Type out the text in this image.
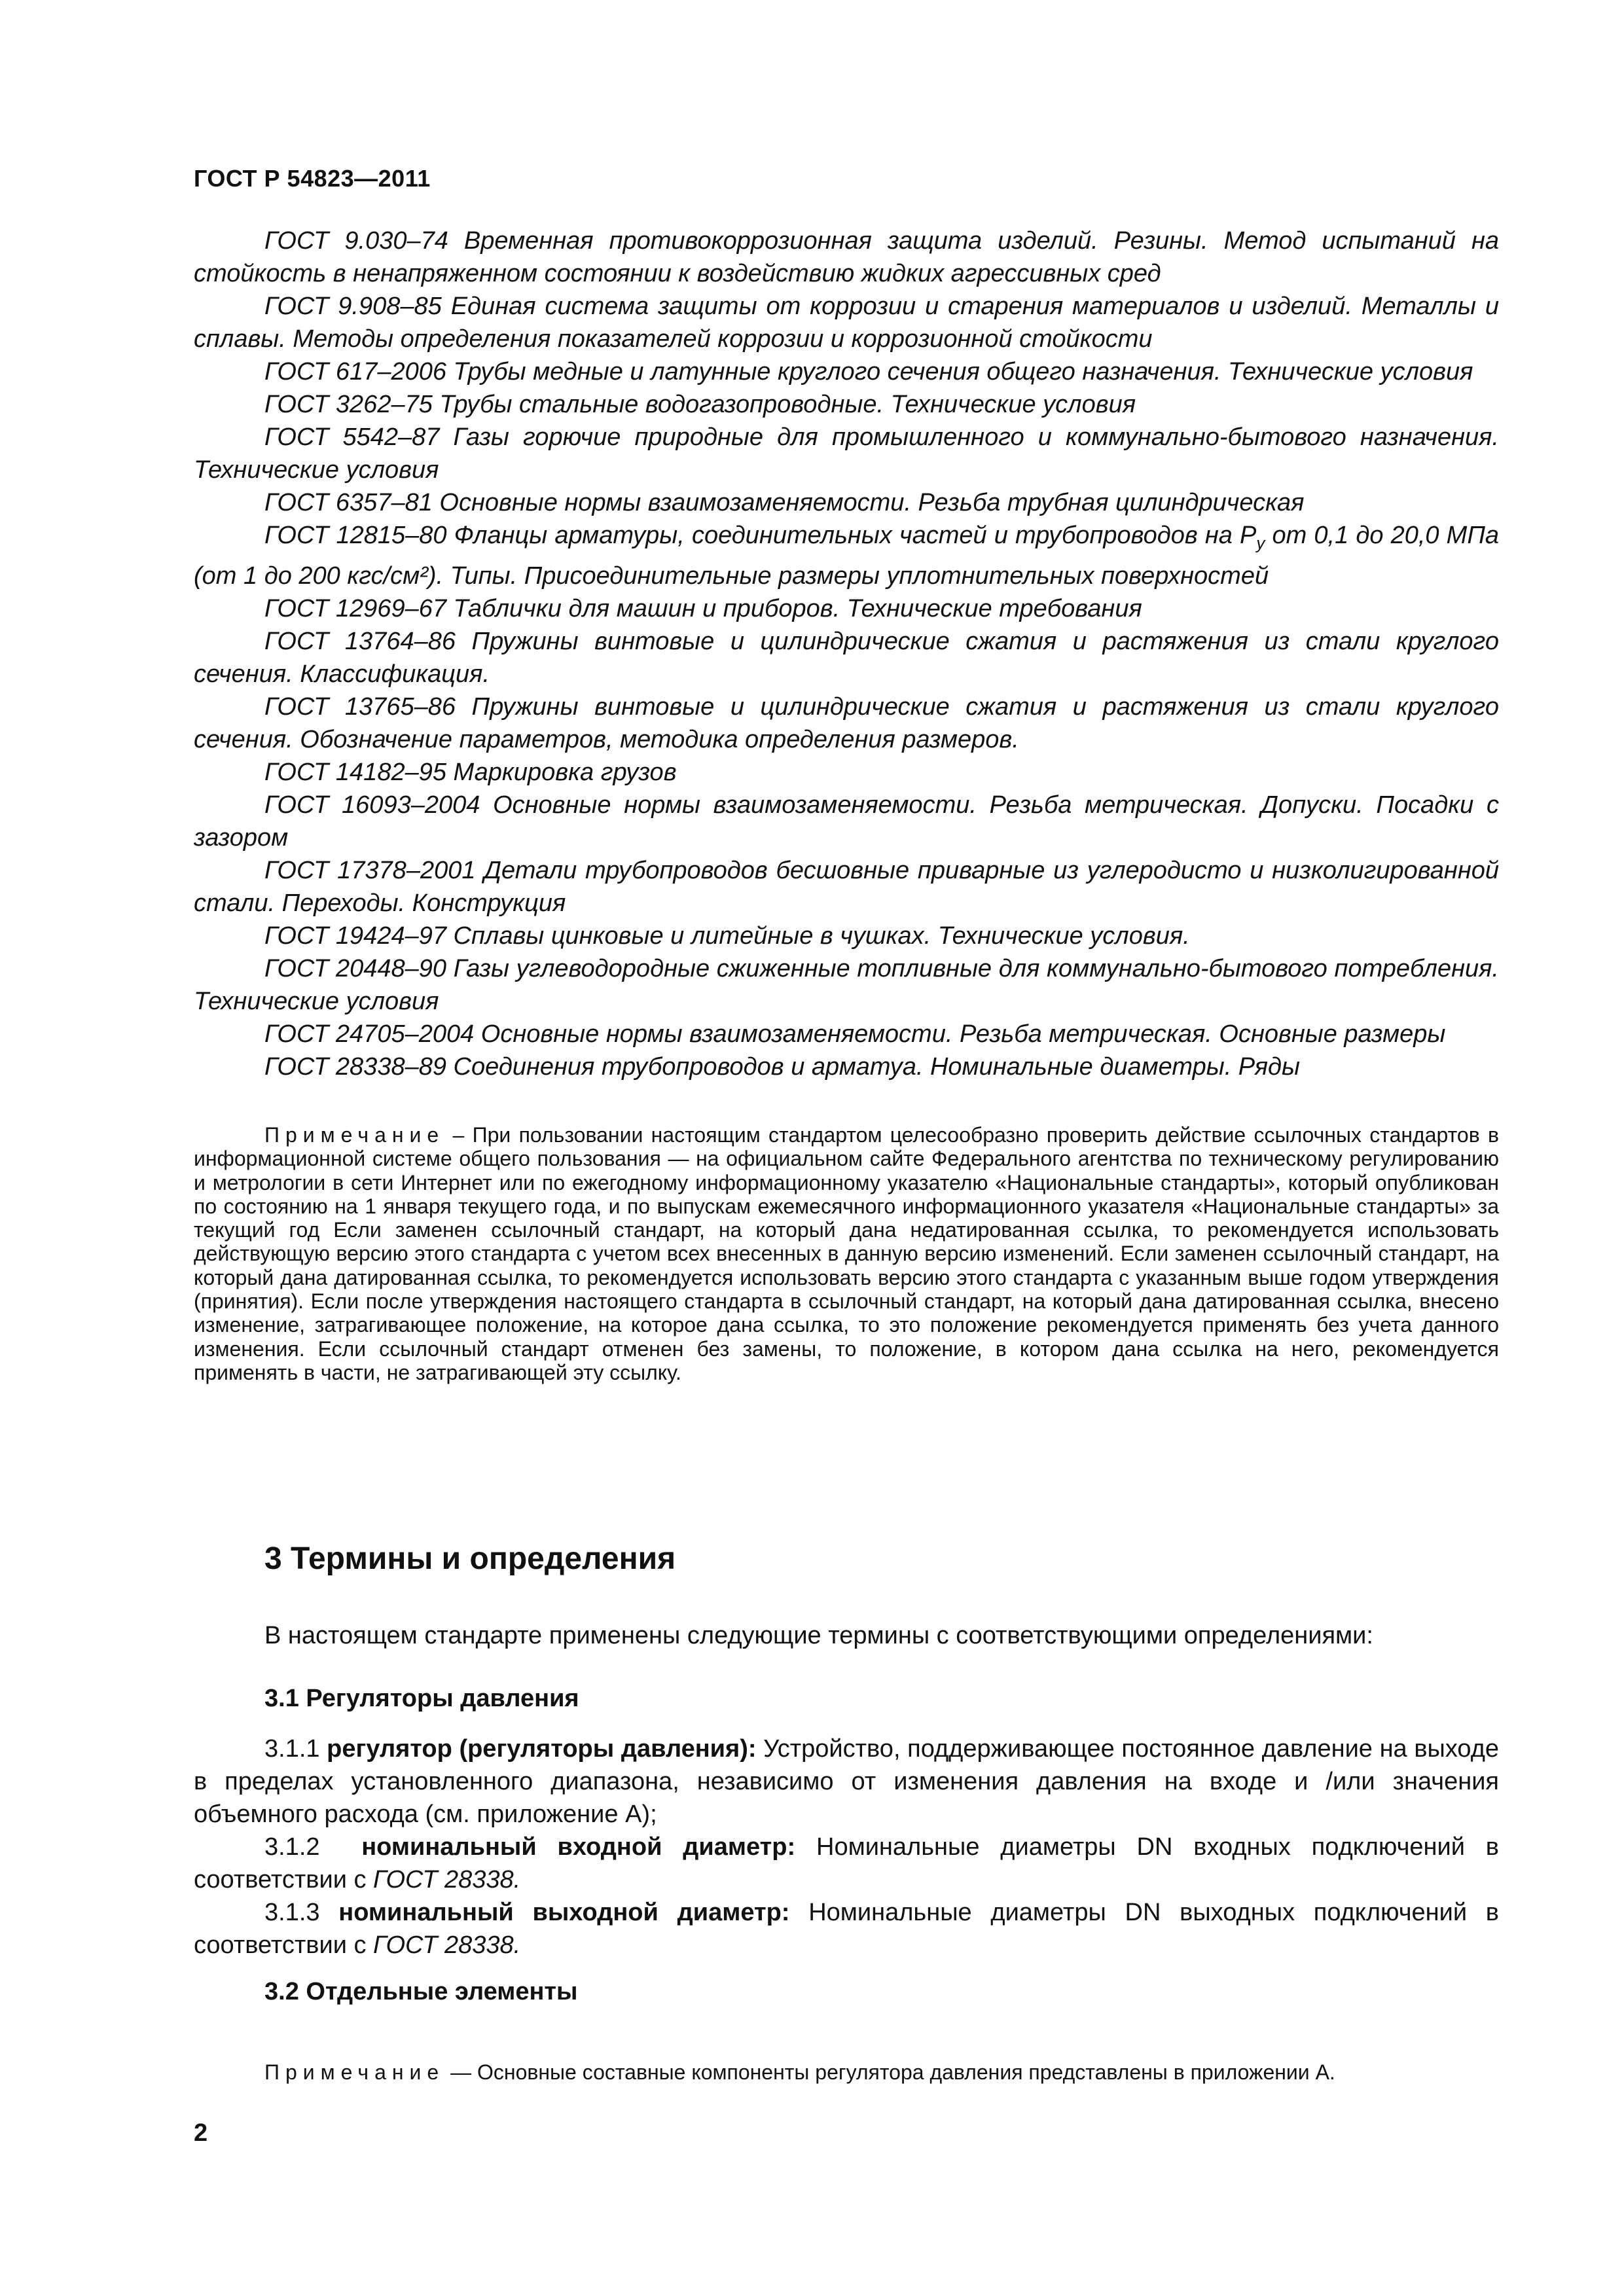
ГОСТ Р 54823—2011

ГОСТ 9.030–74 Временная противокоррозионная защита изделий. Резины. Метод испытаний на стойкость в ненапряженном состоянии к воздействию жидких агрессивных сред

ГОСТ 9.908–85 Единая система защиты от коррозии и старения материалов и изделий. Металлы и сплавы. Методы определения показателей коррозии и коррозионной стойкости

ГОСТ 617–2006 Трубы медные и латунные круглого сечения общего назначения. Технические условия

ГОСТ 3262–75 Трубы стальные водогазопроводные. Технические условия

ГОСТ 5542–87 Газы горючие природные для промышленного и коммунально-бытового назначения. Технические условия

ГОСТ 6357–81 Основные нормы взаимозаменяемости. Резьба трубная цилиндрическая

ГОСТ 12815–80 Фланцы арматуры, соединительных частей и трубопроводов на $P_у$ от 0,1 до 20,0 МПа (от 1 до 200 кгс/см²). Типы. Присоединительные размеры уплотнительных поверхностей

ГОСТ 12969–67 Таблички для машин и приборов. Технические требования

ГОСТ 13764–86 Пружины винтовые и цилиндрические сжатия и растяжения из стали круглого сечения. Классификация.

ГОСТ 13765–86 Пружины винтовые и цилиндрические сжатия и растяжения из стали круглого сечения. Обозначение параметров, методика определения размеров.

ГОСТ 14182–95 Маркировка грузов

ГОСТ 16093–2004 Основные нормы взаимозаменяемости. Резьба метрическая. Допуски. Посадки с зазором

ГОСТ 17378–2001 Детали трубопроводов бесшовные приварные из углеродисто и низколигированной стали. Переходы. Конструкция

ГОСТ 19424–97 Сплавы цинковые и литейные в чушках. Технические условия.

ГОСТ 20448–90 Газы углеводородные сжиженные топливные для коммунально-бытового потребления. Технические условия

ГОСТ 24705–2004 Основные нормы взаимозаменяемости. Резьба метрическая. Основные размеры

ГОСТ 28338–89 Соединения трубопроводов и арматуа. Номинальные диаметры. Ряды

Примечание – При пользовании настоящим стандартом целесообразно проверить действие ссылочных стандартов в информационной системе общего пользования — на официальном сайте Федерального агентства по техническому регулированию и метрологии в сети Интернет или по ежегодному информационному указателю «Национальные стандарты», который опубликован по состоянию на 1 января текущего года, и по выпускам ежемесячного информационного указателя «Национальные стандарты» за текущий год Если заменен ссылочный стандарт, на который дана недатированная ссылка, то рекомендуется использовать действующую версию этого стандарта с учетом всех внесенных в данную версию изменений. Если заменен ссылочный стандарт, на который дана датированная ссылка, то рекомендуется использовать версию этого стандарта с указанным выше годом утверждения (принятия). Если после утверждения настоящего стандарта в ссылочный стандарт, на который дана датированная ссылка, внесено изменение, затрагивающее положение, на которое дана ссылка, то это положение рекомендуется применять без учета данного изменения. Если ссылочный стандарт отменен без замены, то положение, в котором дана ссылка на него, рекомендуется применять в части, не затрагивающей эту ссылку.

3 Термины и определения
В настоящем стандарте применены следующие термины с соответствующими определениями:
3.1 Регуляторы давления

3.1.1 регулятор (регуляторы давления): Устройство, поддерживающее постоянное давление на выходе в пределах установленного диапазона, независимо от изменения давления на входе и /или значения объемного расхода (см. приложение А);

3.1.2  номинальный входной диаметр: Номинальные диаметры DN входных подключений в соответствии с ГОСТ 28338.

3.1.3 номинальный выходной диаметр: Номинальные диаметры DN выходных подключений в соответствии с ГОСТ 28338.

3.2 Отдельные элементы
Примечание — Основные составные компоненты регулятора давления представлены в приложении А.
2
